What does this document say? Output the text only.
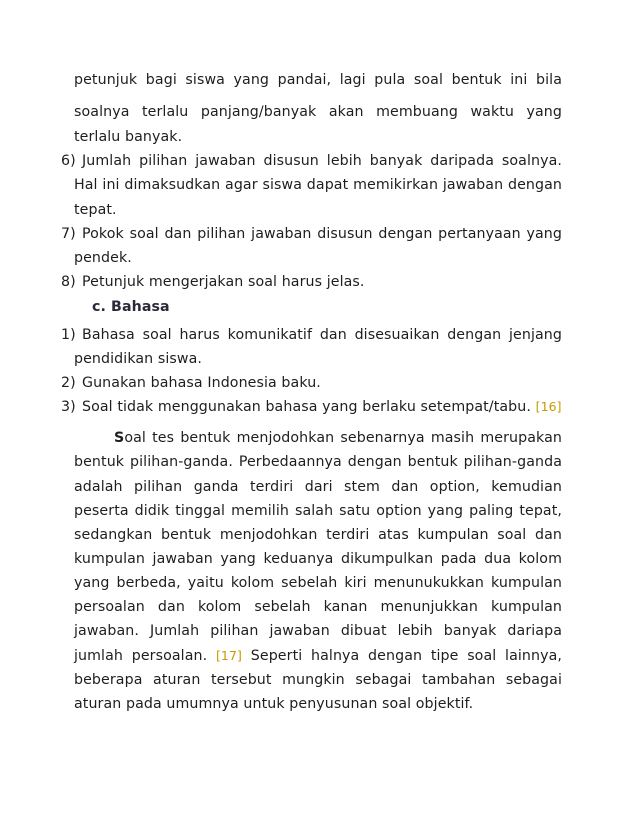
petunjuk bagi siswa yang pandai, lagi pula soal bentuk ini bila
soalnya terlalu panjang/banyak akan membuang waktu yang
terlalu banyak.
6) Jumlah pilihan jawaban disusun lebih banyak daripada soalnya.
Hal ini dimaksudkan agar siswa dapat memikirkan jawaban dengan
tepat.
7) Pokok soal dan pilihan jawaban disusun dengan pertanyaan yang
pendek.
8) Petunjuk mengerjakan soal harus jelas.
c. Bahasa
1) Bahasa soal harus komunikatif dan disesuaikan dengan jenjang
pendidikan siswa.
2) Gunakan bahasa Indonesia baku.
3) Soal tidak menggunakan bahasa yang berlaku setempat/tabu. [16]
Soal tes bentuk menjodohkan sebenarnya masih merupakan
bentuk pilihan-ganda. Perbedaannya dengan bentuk pilihan-ganda
adalah pilihan ganda terdiri dari stem dan option, kemudian
peserta didik tinggal memilih salah satu option yang paling tepat,
sedangkan bentuk menjodohkan terdiri atas kumpulan soal dan
kumpulan jawaban yang keduanya dikumpulkan pada dua kolom
yang berbeda, yaitu kolom sebelah kiri menunukukkan kumpulan
persoalan dan kolom sebelah kanan menunjukkan kumpulan
jawaban. Jumlah pilihan jawaban dibuat lebih banyak dariapa
jumlah persoalan. [17] Seperti halnya dengan tipe soal lainnya,
beberapa aturan tersebut mungkin sebagai tambahan sebagai
aturan pada umumnya untuk penyusunan soal objektif.
